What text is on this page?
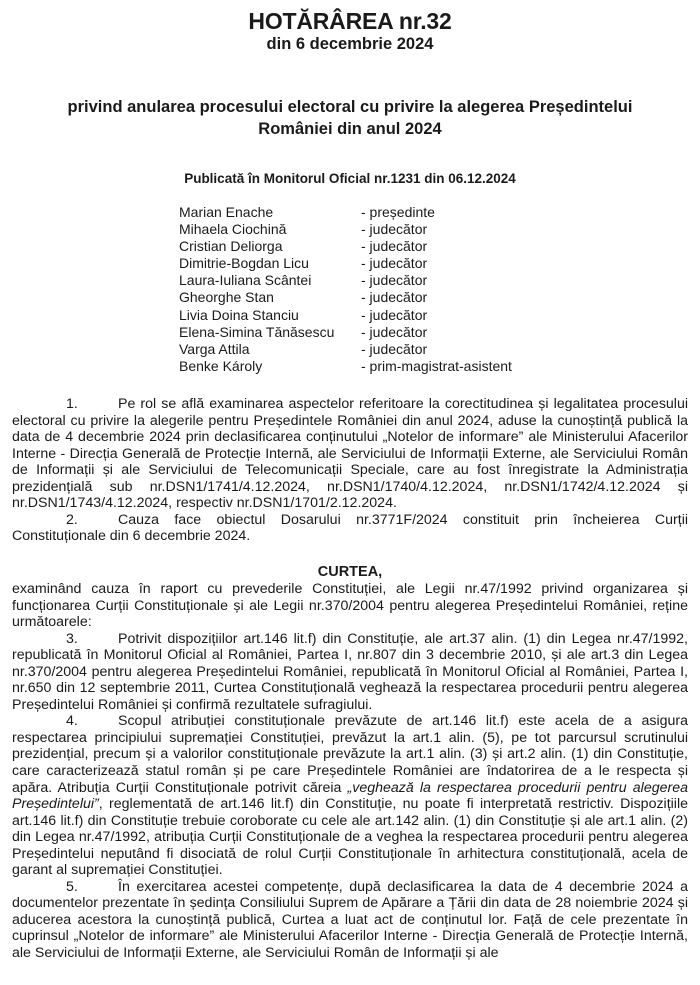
HOTĂRÂREA nr.32
din 6 decembrie 2024
privind anularea procesului electoral cu privire la alegerea Președintelui
României din anul 2024
Publicată în Monitorul Oficial nr.1231 din 06.12.2024
Marian Enache	- președinte
Mihaela Ciochină	- judecător
Cristian Deliorga	- judecător
Dimitrie-Bogdan Licu	- judecător
Laura-Iuliana Scântei	- judecător
Gheorghe Stan	- judecător
Livia Doina Stanciu	- judecător
Elena-Simina Tănăsescu	- judecător
Varga Attila	- judecător
Benke Károly	- prim-magistrat-asistent

1.	Pe rol se află examinarea aspectelor referitoare la corectitudinea și legalitatea procesului electoral cu privire la alegerile pentru Președintele României din anul 2024, aduse la cunoștință publică la data de 4 decembrie 2024 prin declasificarea conținutului „Notelor de informare” ale Ministerului Afacerilor Interne - Direcția Generală de Protecție Internă, ale Serviciului de Informații Externe, ale Serviciului Român de Informații și ale Serviciului de Telecomunicații Speciale, care au fost înregistrate la Administrația prezidențială sub nr.DSN1/1741/4.12.2024, nr.DSN1/1740/4.12.2024, nr.DSN1/1742/4.12.2024 și nr.DSN1/1743/4.12.2024, respectiv nr.DSN1/1701/2.12.2024.

2.	Cauza face obiectul Dosarului nr.3771F/2024 constituit prin încheierea Curții Constituționale din 6 decembrie 2024.

CURTEA,

examinând cauza în raport cu prevederile Constituției, ale Legii nr.47/1992 privind organizarea și funcționarea Curții Constituționale și ale Legii nr.370/2004 pentru alegerea Președintelui României, reține următoarele:

3.	Potrivit dispozițiilor art.146 lit.f) din Constituție, ale art.37 alin. (1) din Legea nr.47/1992, republicată în Monitorul Oficial al României, Partea I, nr.807 din 3 decembrie 2010, și ale art.3 din Legea nr.370/2004 pentru alegerea Președintelui României, republicată în Monitorul Oficial al României, Partea I, nr.650 din 12 septembrie 2011, Curtea Constituțională veghează la respectarea procedurii pentru alegerea Președintelui României și confirmă rezultatele sufragiului.

4.	Scopul atribuției constituționale prevăzute de art.146 lit.f) este acela de a asigura respectarea principiului supremației Constituției, prevăzut la art.1 alin. (5), pe tot parcursul scrutinului prezidențial, precum și a valorilor constituționale prevăzute la art.1 alin. (3) și art.2 alin. (1) din Constituție, care caracterizează statul român și pe care Președintele României are îndatorirea de a le respecta și apăra. Atribuția Curții Constituționale potrivit căreia „veghează la respectarea procedurii pentru alegerea Președintelui”, reglementată de art.146 lit.f) din Constituție, nu poate fi interpretată restrictiv. Dispozițiile art.146 lit.f) din Constituție trebuie coroborate cu cele ale art.142 alin. (1) din Constituție și ale art.1 alin. (2) din Legea nr.47/1992, atribuția Curții Constituționale de a veghea la respectarea procedurii pentru alegerea Președintelui neputând fi disociată de rolul Curții Constituționale în arhitectura constituțională, acela de garant al supremației Constituției.

5.	În exercitarea acestei competențe, după declasificarea la data de 4 decembrie 2024 a documentelor prezentate în ședința Consiliului Suprem de Apărare a Țării din data de 28 noiembrie 2024 și aducerea acestora la cunoștință publică, Curtea a luat act de conținutul lor. Față de cele prezentate în cuprinsul „Notelor de informare” ale Ministerului Afacerilor Interne - Direcția Generală de Protecție Internă, ale Serviciului de Informații Externe, ale Serviciului Român de Informații și ale
